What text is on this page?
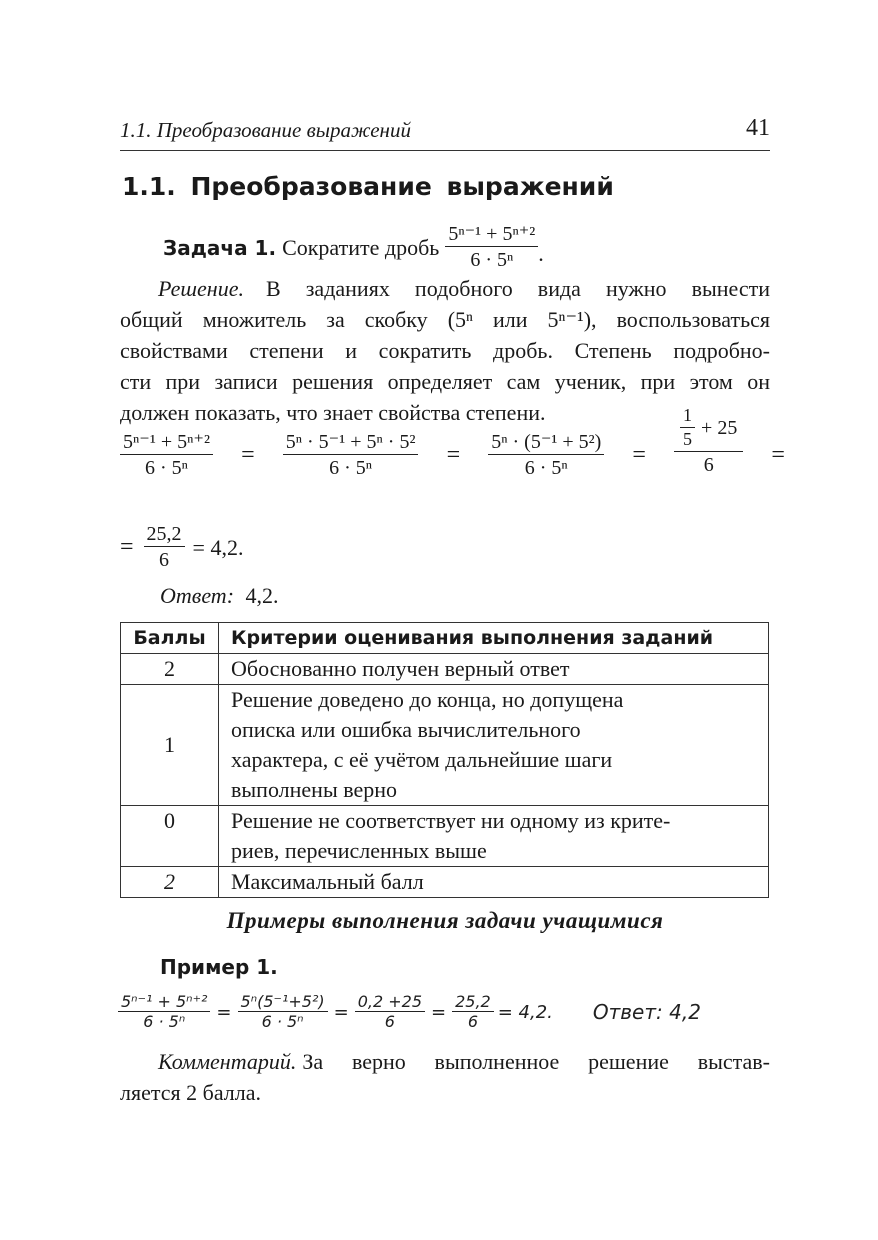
1.1. Преобразование выражений	41
1.1. Преобразование выражений
Задача 1. Сократите дробь $\frac{\text{5ⁿ⁻¹ + 5ⁿ⁺²}}{\text{6 · 5ⁿ}}$ .
Решение. В заданиях подобного вида нужно вынести
общий множитель за скобку (5ⁿ или 5ⁿ⁻¹), воспользоваться
свойствами степени и сократить дробь. Степень подробно-
сти при записи решения определяет сам ученик, при этом он
должен показать, что знает свойства степени.
$\frac{\text{5ⁿ⁻¹ + 5ⁿ⁺²}}{\text{6 · 5ⁿ}} = \frac{\text{5ⁿ · 5⁻¹ + 5ⁿ · 5²}}{\text{6 · 5ⁿ}} = \frac{\text{5ⁿ · (5⁻¹ + 5²)}}{\text{6 · 5ⁿ}} = \frac{\frac{1}{5} + 25}{6}$ =
= $\frac{25,2}{6} = 4,2$.
Ответ: 4,2.
Баллы	Критерии оценивания выполнения заданий
2	Обоснованно получен верный ответ

1	Решение доведено до конца, но допущена
описка или ошибка вычислительного
характера, с её учётом дальнейшие шаги
выполнены верно

0	Решение не соответствует ни одному из крите-
риев, перечисленных выше

2	Максимальный балл
Примеры выполнения задачи учащимися
Пример 1.
$\frac{\text{5ⁿ⁻¹ + 5ⁿ⁺²}}{\text{6 · 5ⁿ}} = \frac{\text{5ⁿ(5⁻¹+5²)}}{\text{6 · 5ⁿ}} = \frac{0,2 +25}{6} = \frac{25,2}{6} = 4,2$. Ответ: 4,2
Комментарий. За верно выполненное решение выстав-
ляется 2 балла.
